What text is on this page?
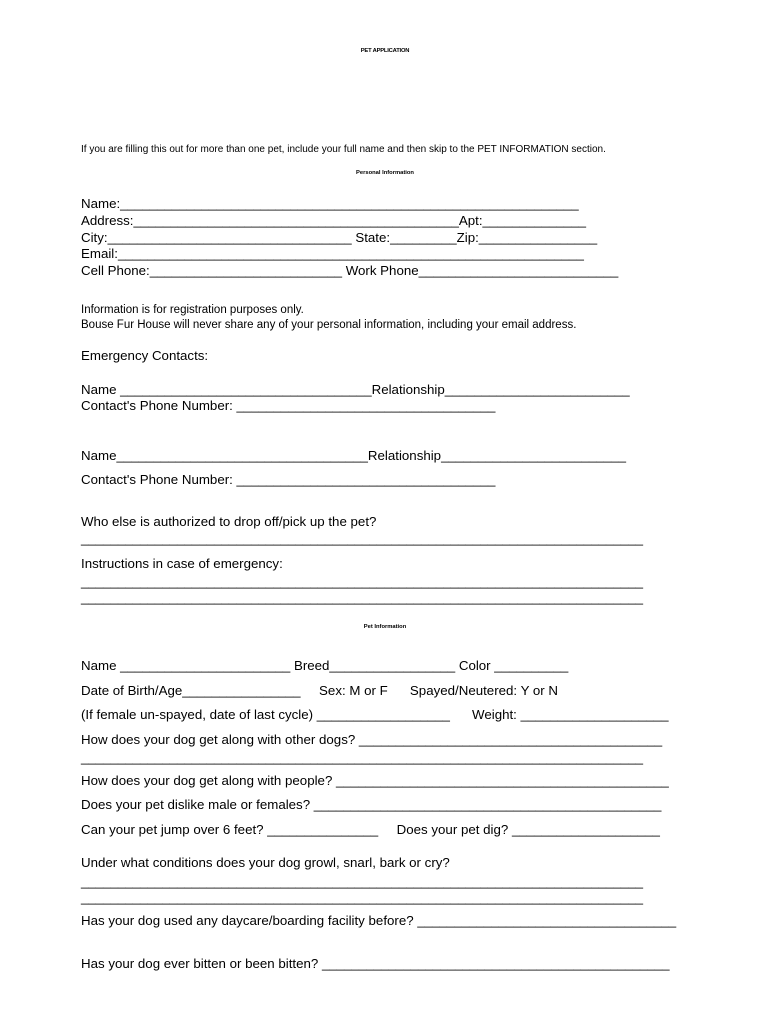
PET APPLICATION
If you are filling this out for more than one pet, include your full name and then skip to the PET INFORMATION section.
Personal Information
Name:______________________________________________________________
Address:____________________________________________Apt:______________
City:_________________________________ State:_________Zip:________________
Email:_______________________________________________________________
Cell Phone:__________________________ Work Phone___________________________
Information is for registration purposes only.
Bouse Fur House will never share any of your personal information, including your email address.
Emergency Contacts:
Name __________________________________Relationship_________________________
Contact's Phone Number: ___________________________________
Name__________________________________Relationship_________________________
Contact's Phone Number: ___________________________________
Who else is authorized to drop off/pick up the pet?
____________________________________________________________________________
Instructions in case of emergency:
____________________________________________________________________________
____________________________________________________________________________
Pet Information
Name _______________________ Breed_________________ Color __________
Date of Birth/Age________________     Sex: M or F      Spayed/Neutered: Y or N
(If female un-spayed, date of last cycle) __________________      Weight: ____________________
How does your dog get along with other dogs? _________________________________________
____________________________________________________________________________
How does your dog get along with people? _____________________________________________
Does your pet dislike male or females? _______________________________________________
Can your pet jump over 6 feet? _______________     Does your pet dig? ____________________
Under what conditions does your dog growl, snarl, bark or cry?
____________________________________________________________________________
____________________________________________________________________________
Has your dog used any daycare/boarding facility before? ___________________________________
Has your dog ever bitten or been bitten? _______________________________________________
